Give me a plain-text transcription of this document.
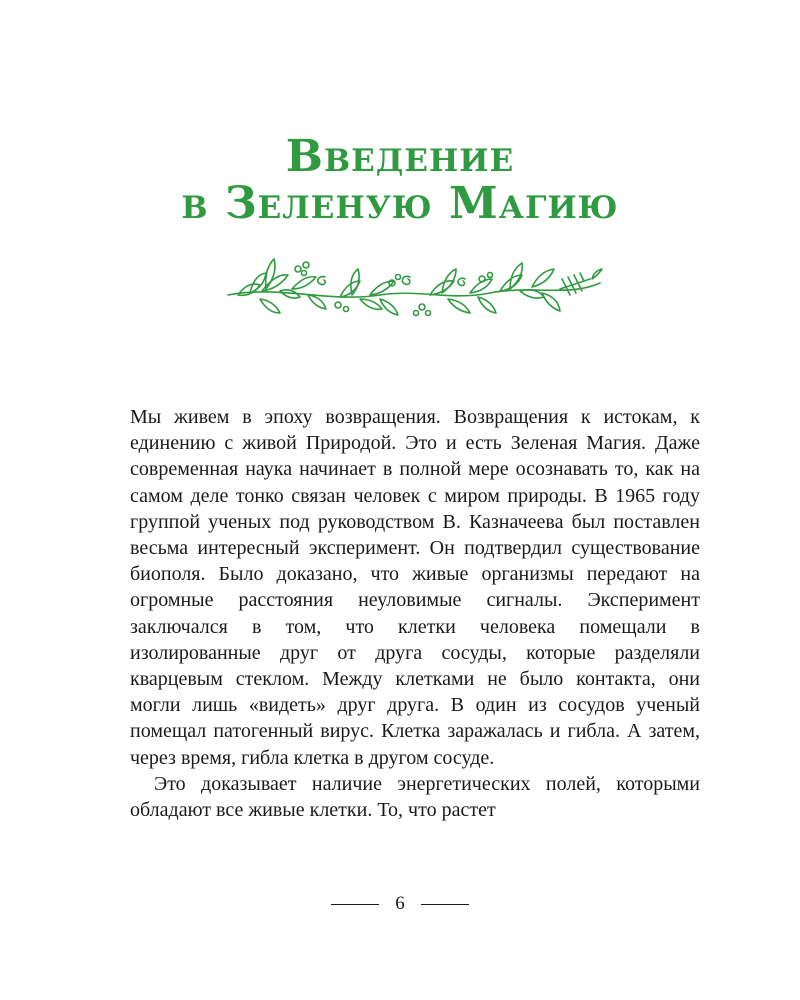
Введение
в Зеленую Магию

Мы живем в эпоху возвращения. Возвращения к истокам, к единению с живой Природой. Это и есть Зеленая Магия. Даже современная наука начинает в полной мере осознавать то, как на самом деле тонко связан человек с миром природы. В 1965 году группой ученых под руководством В. Казначеева был поставлен весьма интересный эксперимент. Он подтвердил существование биополя. Было доказано, что живые организмы передают на огромные расстояния неуловимые сигналы. Эксперимент заключался в том, что клетки человека помещали в изолированные друг от друга сосуды, которые разделяли кварцевым стеклом. Между клетками не было контакта, они могли лишь «видеть» друг друга. В один из сосудов ученый помещал патогенный вирус. Клетка заражалась и гибла. А затем, через время, гибла клетка в другом сосуде.

Это доказывает наличие энергетических полей, которыми обладают все живые клетки. То, что растет

6
